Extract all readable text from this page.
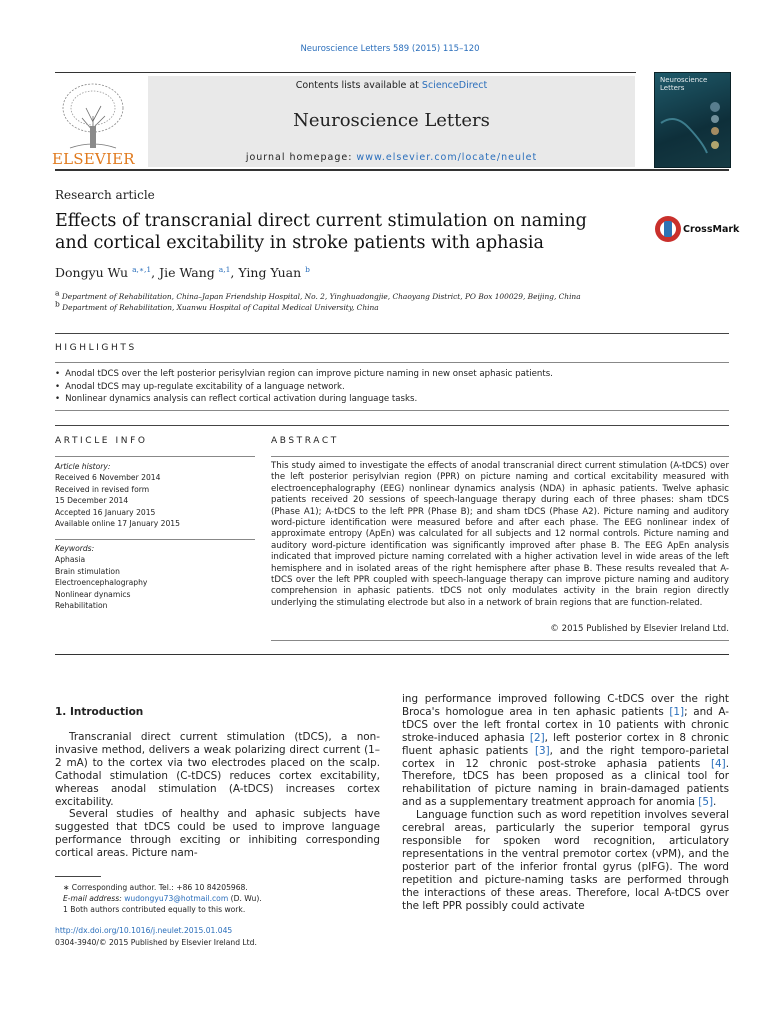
Neuroscience Letters 589 (2015) 115–120
ELSEVIER
Contents lists available at ScienceDirect
Neuroscience Letters
journal homepage: www.elsevier.com/locate/neulet
Neuroscience Letters
Research article
Effects of transcranial direct current stimulation on naming and cortical excitability in stroke patients with aphasia
CrossMark
Dongyu Wu $^{a,∗,1}$, Jie Wang $^{a,1}$, Ying Yuan $^b$
$^a$ Department of Rehabilitation, China–Japan Friendship Hospital, No. 2, Yinghuadongjie, Chaoyang District, PO Box 100029, Beijing, China
$^b$ Department of Rehabilitation, Xuanwu Hospital of Capital Medical University, China
HIGHLIGHTS
• Anodal tDCS over the left posterior perisylvian region can improve picture naming in new onset aphasic patients.
• Anodal tDCS may up-regulate excitability of a language network.
• Nonlinear dynamics analysis can reflect cortical activation during language tasks.
ARTICLE INFO	ABSTRACT
Article history:
Received 6 November 2014
Received in revised form
15 December 2014
Accepted 16 January 2015
Available online 17 January 2015
Keywords:
Aphasia
Brain stimulation
Electroencephalography
Nonlinear dynamics
Rehabilitation
This study aimed to investigate the effects of anodal transcranial direct current stimulation (A-tDCS) over the left posterior perisylvian region (PPR) on picture naming and cortical excitability measured with electroencephalography (EEG) nonlinear dynamics analysis (NDA) in aphasic patients. Twelve aphasic patients received 20 sessions of speech-language therapy during each of three phases: sham tDCS (Phase A1); A-tDCS to the left PPR (Phase B); and sham tDCS (Phase A2). Picture naming and auditory word-picture identification were measured before and after each phase. The EEG nonlinear index of approximate entropy (ApEn) was calculated for all subjects and 12 normal controls. Picture naming and auditory word-picture identification was significantly improved after phase B. The EEG ApEn analysis indicated that improved picture naming correlated with a higher activation level in wide areas of the left hemisphere and in isolated areas of the right hemisphere after phase B. These results revealed that A-tDCS over the left PPR coupled with speech-language therapy can improve picture naming and auditory comprehension in aphasic patients. tDCS not only modulates activity in the brain region directly underlying the stimulating electrode but also in a network of brain regions that are function-related.
© 2015 Published by Elsevier Ireland Ltd.
1. Introduction

Transcranial direct current stimulation (tDCS), a non-invasive method, delivers a weak polarizing direct current (1–2 mA) to the cortex via two electrodes placed on the scalp. Cathodal stimulation (C-tDCS) reduces cortex excitability, whereas anodal stimulation (A-tDCS) increases cortex excitability.

Several studies of healthy and aphasic subjects have suggested that tDCS could be used to improve language performance through exciting or inhibiting corresponding cortical areas. Picture nam-

ing performance improved following C-tDCS over the right Broca's homologue area in ten aphasic patients [1]; and A-tDCS over the left frontal cortex in 10 patients with chronic stroke-induced aphasia [2], left posterior cortex in 8 chronic fluent aphasic patients [3], and the right temporo-parietal cortex in 12 chronic post-stroke aphasia patients [4]. Therefore, tDCS has been proposed as a clinical tool for rehabilitation of picture naming in brain-damaged patients and as a supplementary treatment approach for anomia [5].

Language function such as word repetition involves several cerebral areas, particularly the superior temporal gyrus responsible for spoken word recognition, articulatory representations in the ventral premotor cortex (vPM), and the posterior part of the inferior frontal gyrus (pIFG). The word repetition and picture-naming tasks are performed through the interactions of these areas. Therefore, local A-tDCS over the left PPR possibly could activate

∗ Corresponding author. Tel.: +86 10 84205968.
E-mail address: wudongyu73@hotmail.com (D. Wu).
1 Both authors contributed equally to this work.
http://dx.doi.org/10.1016/j.neulet.2015.01.045
0304-3940/© 2015 Published by Elsevier Ireland Ltd.
